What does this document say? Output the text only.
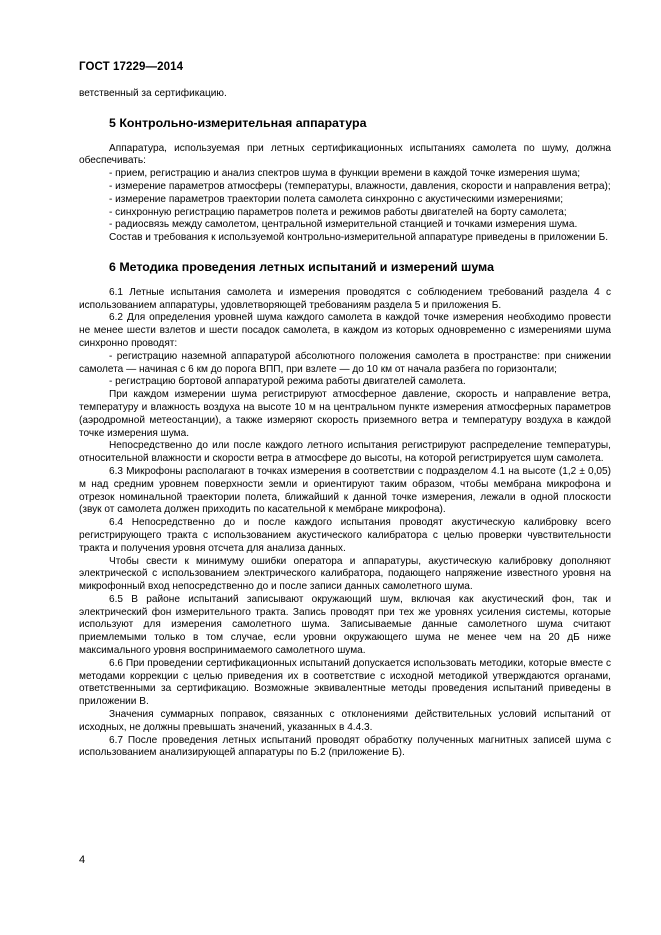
ГОСТ 17229—2014

ветственный за сертификацию.

5 Контрольно-измерительная аппаратура

Аппаратура, используемая при летных сертификационных испытаниях самолета по шуму, должна обеспечивать:

- прием, регистрацию и анализ спектров шума в функции времени в каждой точке измерения шума;

- измерение параметров атмосферы (температуры, влажности, давления, скорости и направления ветра);

- измерение параметров траектории полета самолета синхронно с акустическими измерениями;

- синхронную регистрацию параметров полета и режимов работы двигателей на борту самолета;

- радиосвязь между самолетом, центральной измерительной станцией и точками измерения шума.

Состав и требования к используемой контрольно-измерительной аппаратуре приведены в приложении Б.

6 Методика проведения летных испытаний и измерений шума

6.1 Летные испытания самолета и измерения проводятся с соблюдением требований раздела 4 с использованием аппаратуры, удовлетворяющей требованиям раздела 5 и приложения Б.

6.2 Для определения уровней шума каждого самолета в каждой точке измерения необходимо провести не менее шести взлетов и шести посадок самолета, в каждом из которых одновременно с измерениями шума синхронно проводят:

- регистрацию наземной аппаратурой абсолютного положения самолета в пространстве: при снижении самолета — начиная с 6 км до порога ВПП, при взлете — до 10 км от начала разбега по горизонтали;

- регистрацию бортовой аппаратурой режима работы двигателей самолета.

При каждом измерении шума регистрируют атмосферное давление, скорость и направление ветра, температуру и влажность воздуха на высоте 10 м на центральном пункте измерения атмосферных параметров (аэродромной метеостанции), а также измеряют скорость приземного ветра и температуру воздуха в каждой точке измерения шума.

Непосредственно до или после каждого летного испытания регистрируют распределение температуры, относительной влажности и скорости ветра в атмосфере до высоты, на которой регистрируется шум самолета.

6.3 Микрофоны располагают в точках измерения в соответствии с подразделом 4.1 на высоте (1,2 ± 0,05) м над средним уровнем поверхности земли и ориентируют таким образом, чтобы мембрана микрофона и отрезок номинальной траектории полета, ближайший к данной точке измерения, лежали в одной плоскости (звук от самолета должен приходить по касательной к мембране микрофона).

6.4 Непосредственно до и после каждого испытания проводят акустическую калибровку всего регистрирующего тракта с использованием акустического калибратора с целью проверки чувствительности тракта и получения уровня отсчета для анализа данных.

Чтобы свести к минимуму ошибки оператора и аппаратуры, акустическую калибровку дополняют электрической с использованием электрического калибратора, подающего напряжение известного уровня на микрофонный вход непосредственно до и после записи данных самолетного шума.

6.5 В районе испытаний записывают окружающий шум, включая как акустический фон, так и электрический фон измерительного тракта. Запись проводят при тех же уровнях усиления системы, которые используют для измерения самолетного шума. Записываемые данные самолетного шума считают приемлемыми только в том случае, если уровни окружающего шума не менее чем на 20 дБ ниже максимального уровня воспринимаемого самолетного шума.

6.6 При проведении сертификационных испытаний допускается использовать методики, которые вместе с методами коррекции с целью приведения их в соответствие с исходной методикой утверждаются органами, ответственными за сертификацию. Возможные эквивалентные методы проведения испытаний приведены в приложении В.

Значения суммарных поправок, связанных с отклонениями действительных условий испытаний от исходных, не должны превышать значений, указанных в 4.4.3.

6.7 После проведения летных испытаний проводят обработку полученных магнитных записей шума с использованием анализирующей аппаратуры по Б.2 (приложение Б).

4
